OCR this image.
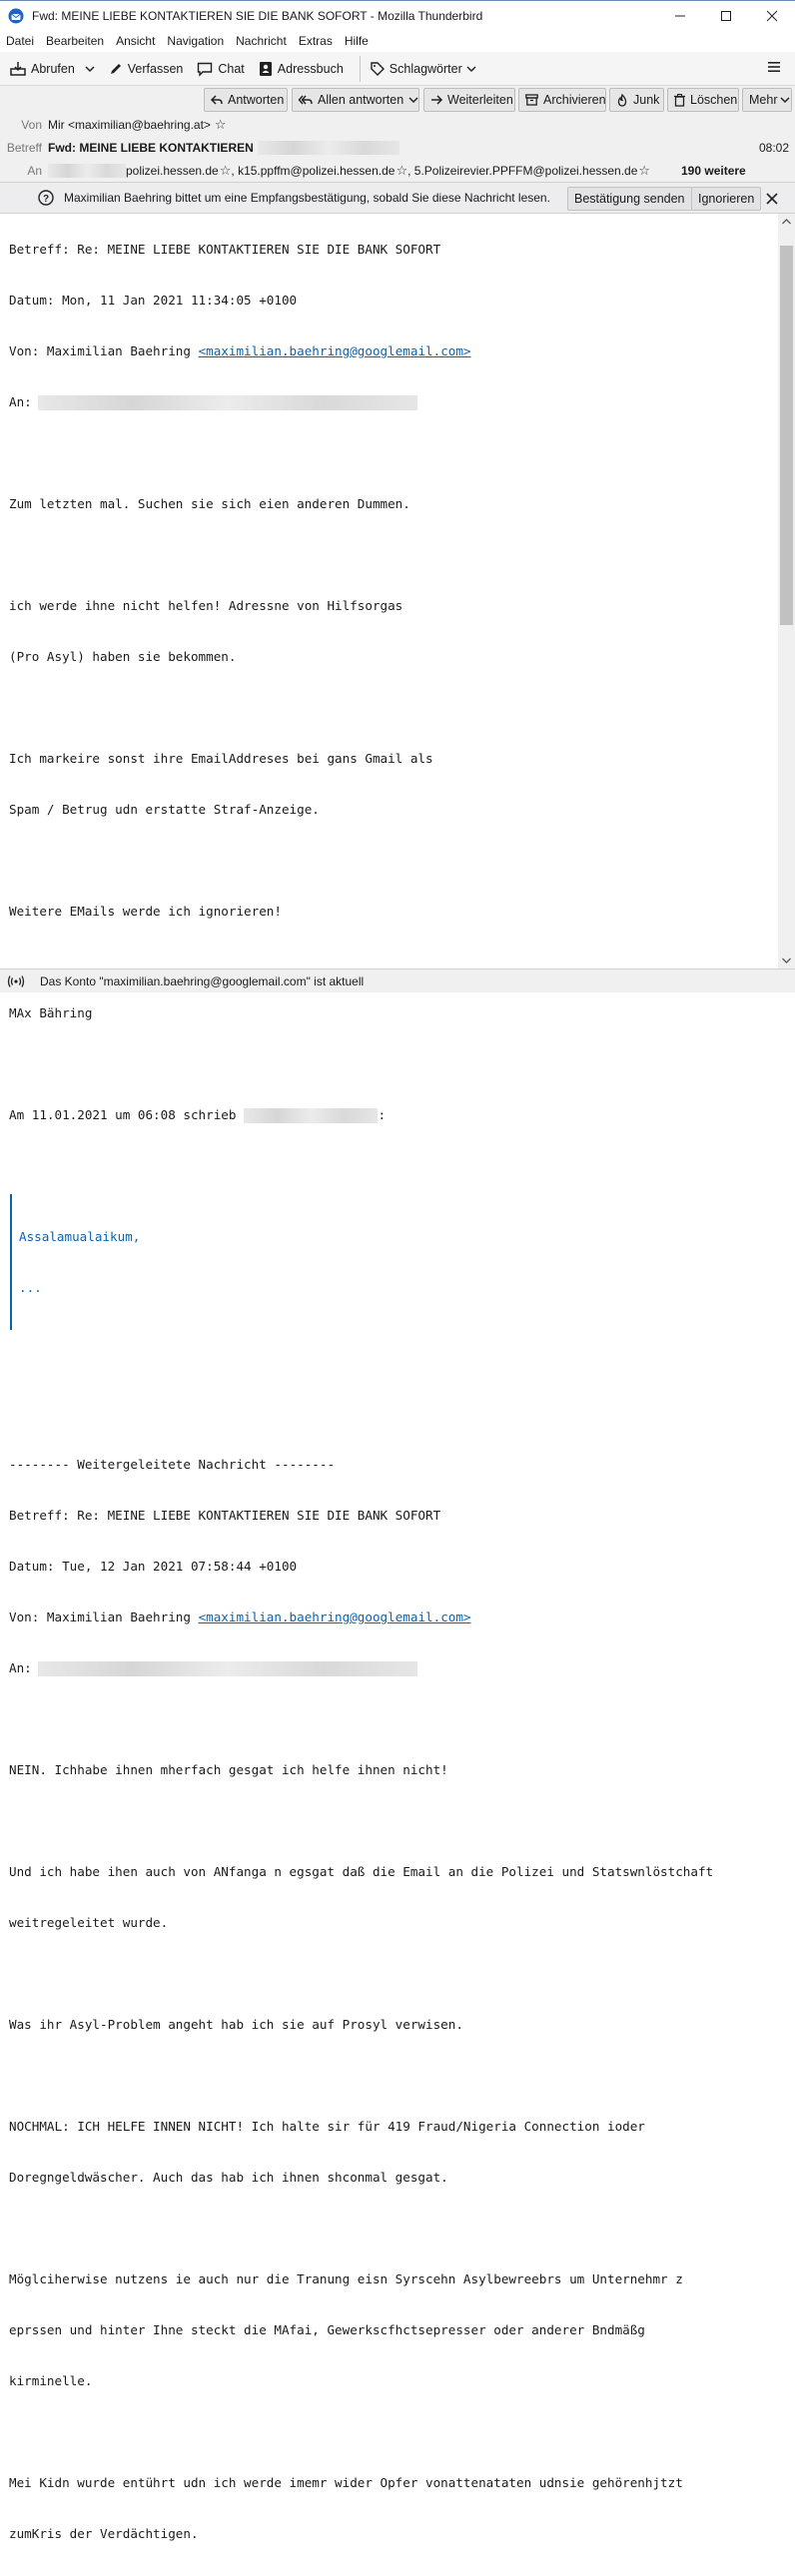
Fwd: MEINE LIEBE KONTAKTIEREN SIE DIE BANK SOFORT - Mozilla Thunderbird
Datei Bearbeiten Ansicht Navigation Nachricht Extras Hilfe
Abrufen	Verfassen	Chat	Adressbuch	Schlagwörter
Antworten	Allen antworten	Weiterleiten Archivieren Junk Löschen Mehr
Von Mir <maximilian@baehring.at> ☆
Betreff Fwd: MEINE LIEBE KONTAKTIEREN	08:02
An	polizei.hessen.de ☆ , k15.ppffm@polizei.hessen.de ☆ , 5.Polizeirevier.PPFFM@polizei.hessen.de ☆	190 weitere
? Maximilian Baehring bittet um eine Empfangsbestätigung, sobald Sie diese Nachricht lesen.	Bestätigung senden	Ignorieren

Betreff: Re: MEINE LIEBE KONTAKTIEREN SIE DIE BANK SOFORT

Datum: Mon, 11 Jan 2021 11:34:05 +0100

Von: Maximilian Baehring <maximilian.baehring@googlemail.com>

An:

Zum letzten mal. Suchen sie sich eien anderen Dummen.

ich werde ihne nicht helfen! Adressne von Hilfsorgas

(Pro Asyl) haben sie bekommen.

Ich markeire sonst ihre EmailAddreses bei gans Gmail als

Spam / Betrug udn erstatte Straf-Anzeige.

Weitere EMails werde ich ignorieren!

MAx Bähring

Am 11.01.2021 um 06:08 schrieb	:

Assalamualaikum,

...

-------- Weitergeleitete Nachricht --------

Betreff: Re: MEINE LIEBE KONTAKTIEREN SIE DIE BANK SOFORT

Datum: Tue, 12 Jan 2021 07:58:44 +0100

Von: Maximilian Baehring <maximilian.baehring@googlemail.com>

An:

NEIN. Ichhabe ihnen mherfach gesgat ich helfe ihnen nicht!

Und ich habe ihen auch von ANfanga n egsgat daß die Email an die Polizei und Statswnlöstchaft

weitregeleitet wurde.

Was ihr Asyl-Problem angeht hab ich sie auf Prosyl verwisen.

NOCHMAL: ICH HELFE INNEN NICHT! Ich halte sir für 419 Fraud/Nigeria Connection ioder

Doregngeldwäscher. Auch das hab ich ihnen shconmal gesgat.

Möglciherwise nutzens ie auch nur die Tranung eisn Syrscehn Asylbewreebrs um Unternehmr z

eprssen und hinter Ihne steckt die MAfai, Gewerkscfhctsepresser oder anderer Bndmäßg

kirminelle.

Mei Kidn wurde entührt udn ich werde imemr wider Opfer vonattenataten udnsie gehörenhjtzt

zumKris der Verdächtigen.

Das Konto "maximilian.baehring@googlemail.com" ist aktuell
